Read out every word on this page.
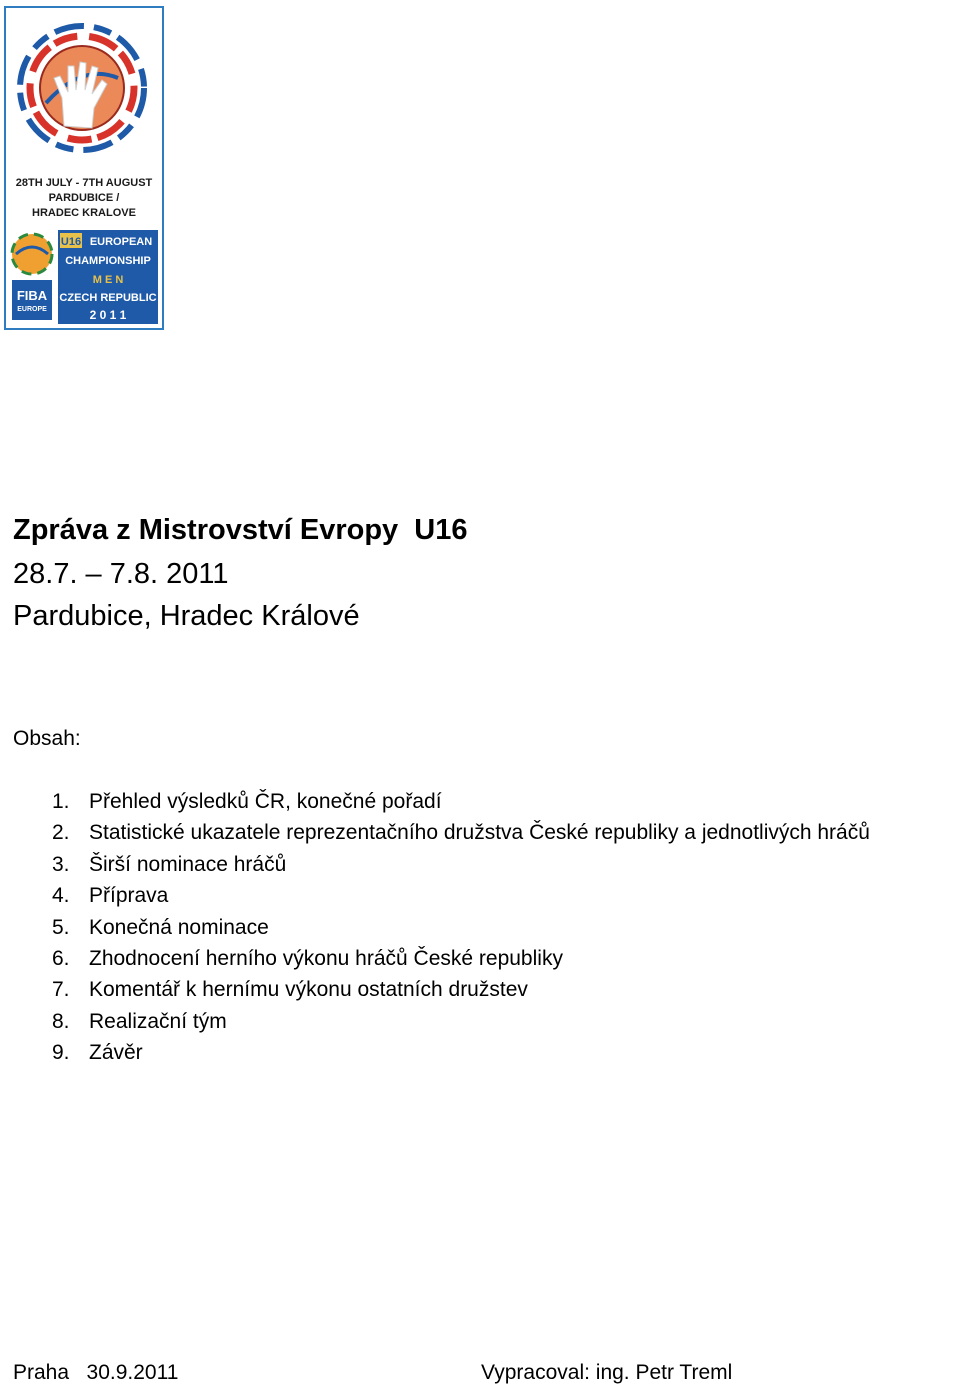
28TH JULY - 7TH AUGUST
PARDUBICE /
HRADEC KRALOVE
FIBA
EUROPE
U16 EUROPEAN
CHAMPIONSHIP
M E N
CZECH REPUBLIC
2 0 1 1
Zpráva z Mistrovství Evropy  U16
28.7. – 7.8. 2011
Pardubice, Hradec Králové
Obsah:
1. Přehled výsledků ČR, konečné pořadí
2. Statistické ukazatele reprezentačního družstva České republiky a jednotlivých hráčů
3. Širší nominace hráčů
4. Příprava
5. Konečná nominace
6. Zhodnocení herního výkonu hráčů České republiky
7. Komentář k hernímu výkonu ostatních družstev
8. Realizační tým
9. Závěr
Praha   30.9.2011	Vypracoval: ing. Petr Treml
